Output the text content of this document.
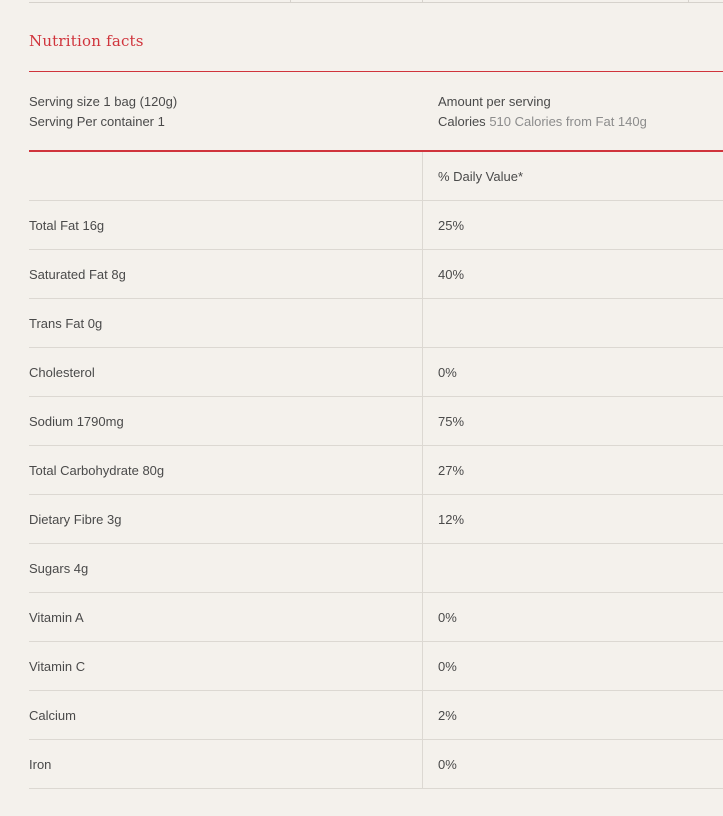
Nutrition facts
Serving size 1 bag (120g)
Serving Per container 1
Amount per serving
Calories 510 Calories from Fat 140g
% Daily Value*
Total Fat 16g	25%
Saturated Fat 8g	40%
Trans Fat 0g
Cholesterol	0%
Sodium 1790mg	75%
Total Carbohydrate 80g	27%
Dietary Fibre 3g	12%
Sugars 4g
Vitamin A	0%
Vitamin C	0%
Calcium	2%
Iron	0%
